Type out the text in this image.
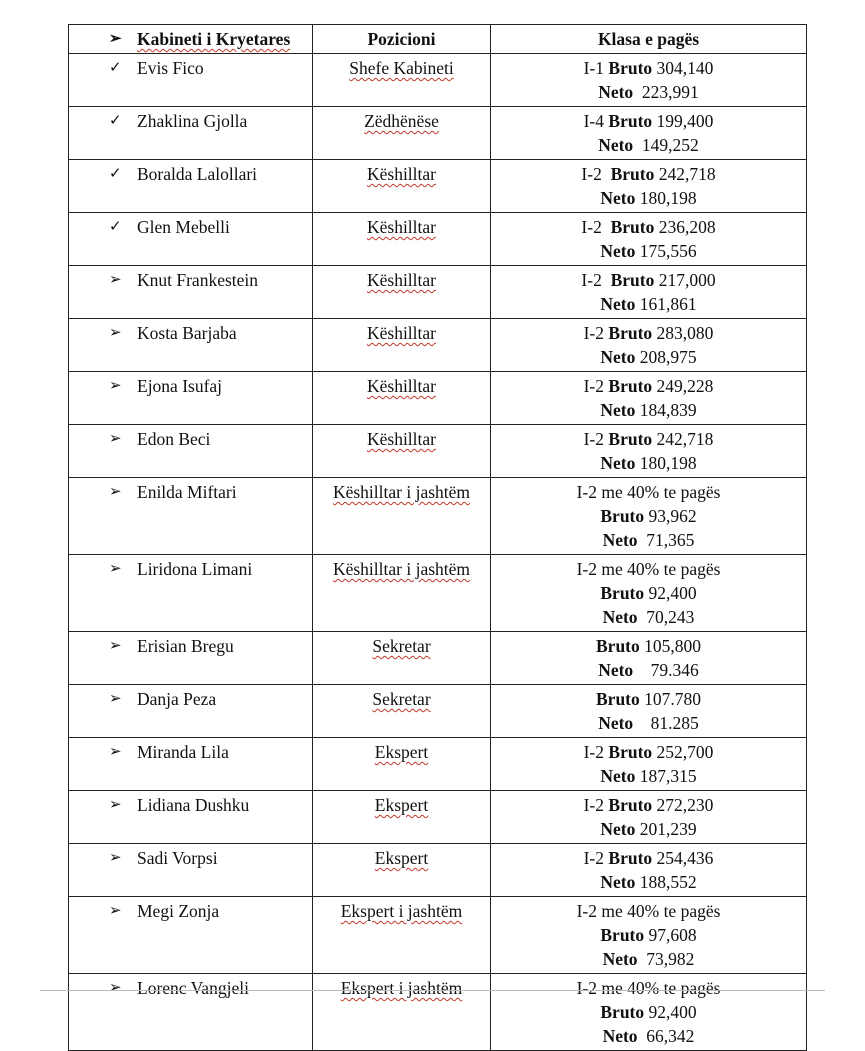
➢ Kabineti i Kryetares	Pozicioni	Klasa e pagës

✓ Evis Fico	Shefe Kabineti	I-1 Bruto 304,140
Neto  223,991

✓ Zhaklina Gjolla	Zëdhënëse	I-4 Bruto 199,400
Neto  149,252

✓ Boralda Lalollari	Këshilltar	I-2  Bruto 242,718
Neto 180,198

✓ Glen Mebelli	Këshilltar	I-2  Bruto 236,208
Neto 175,556

➢ Knut Frankestein	Këshilltar	I-2  Bruto 217,000
Neto 161,861

➢ Kosta Barjaba	Këshilltar	I-2 Bruto 283,080
Neto 208,975

➢ Ejona Isufaj	Këshilltar	I-2 Bruto 249,228
Neto 184,839

➢ Edon Beci	Këshilltar	I-2 Bruto 242,718
Neto 180,198

➢ Enilda Miftari	Këshilltar i jashtëm	I-2 me 40% te pagës
Bruto 93,962
Neto  71,365

➢ Liridona Limani	Këshilltar i jashtëm	I-2 me 40% te pagës
Bruto 92,400
Neto  70,243

➢ Erisian Bregu	Sekretar	Bruto 105,800
Neto    79.346

➢ Danja Peza	Sekretar	Bruto 107.780
Neto    81.285

➢ Miranda Lila	Ekspert	I-2 Bruto 252,700
Neto 187,315

➢ Lidiana Dushku	Ekspert	I-2 Bruto 272,230
Neto 201,239

➢ Sadi Vorpsi	Ekspert	I-2 Bruto 254,436
Neto 188,552

➢ Megi Zonja	Ekspert i jashtëm	I-2 me 40% te pagës
Bruto 97,608
Neto  73,982

➢ Lorenc Vangjeli	Ekspert i jashtëm	I-2 me 40% te pagës
Bruto 92,400
Neto  66,342
